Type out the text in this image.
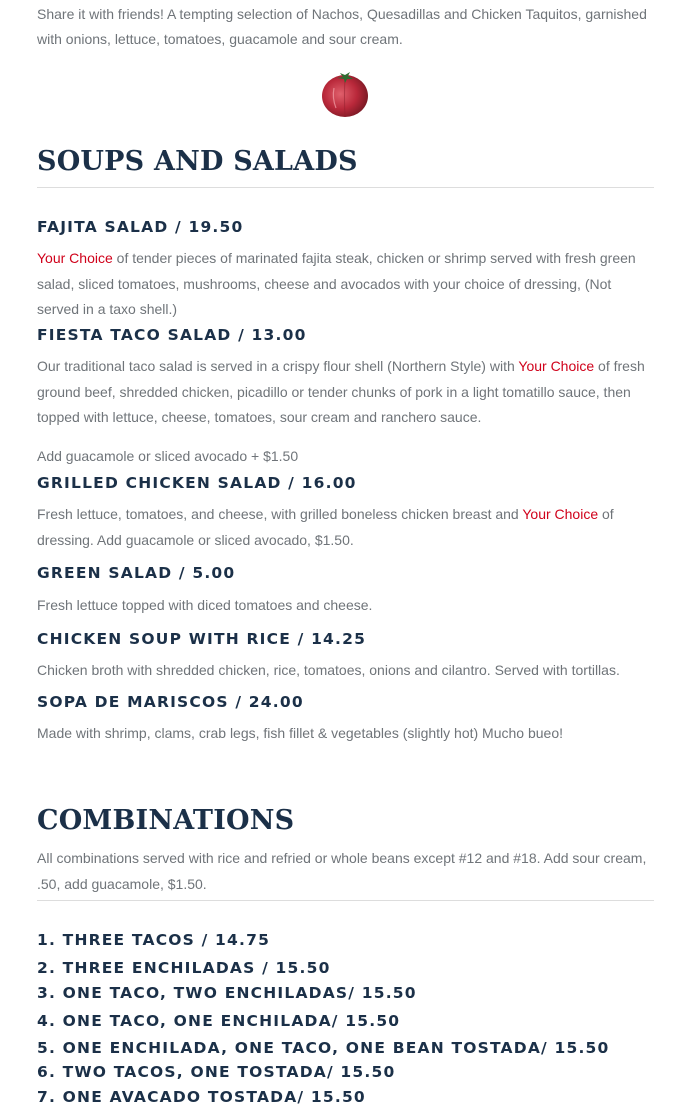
Share it with friends! A tempting selection of Nachos, Quesadillas and Chicken Taquitos, garnished with onions, lettuce, tomatoes, guacamole and sour cream.

SOUPS AND SALADS
FAJITA SALAD / 19.50

Your Choice of tender pieces of marinated fajita steak, chicken or shrimp served with fresh green salad, sliced tomatoes, mushrooms, cheese and avocados with your choice of dressing, (Not served in a taxo shell.)

FIESTA TACO SALAD / 13.00

Our traditional taco salad is served in a crispy flour shell (Northern Style) with Your Choice of fresh ground beef, shredded chicken, picadillo or tender chunks of pork in a light tomatillo sauce, then topped with lettuce, cheese, tomatoes, sour cream and ranchero sauce.

Add guacamole or sliced avocado + $1.50

GRILLED CHICKEN SALAD / 16.00

Fresh lettuce, tomatoes, and cheese, with grilled boneless chicken breast and Your Choice of dressing. Add guacamole or sliced avocado, $1.50.

GREEN SALAD / 5.00

Fresh lettuce topped with diced tomatoes and cheese.

CHICKEN SOUP WITH RICE / 14.25

Chicken broth with shredded chicken, rice, tomatoes, onions and cilantro. Served with tortillas.

SOPA DE MARISCOS / 24.00

Made with shrimp, clams, crab legs, fish fillet & vegetables (slightly hot) Mucho bueo!

COMBINATIONS

All combinations served with rice and refried or whole beans except #12 and #18. Add sour cream, .50, add guacamole, $1.50.

1. THREE TACOS / 14.75
2. THREE ENCHILADAS / 15.50
3. ONE TACO, TWO ENCHILADAS/ 15.50
4. ONE TACO, ONE ENCHILADA/ 15.50
5. ONE ENCHILADA, ONE TACO, ONE BEAN TOSTADA/ 15.50
6. TWO TACOS, ONE TOSTADA/ 15.50
7. ONE AVACADO TOSTADA/ 15.50
